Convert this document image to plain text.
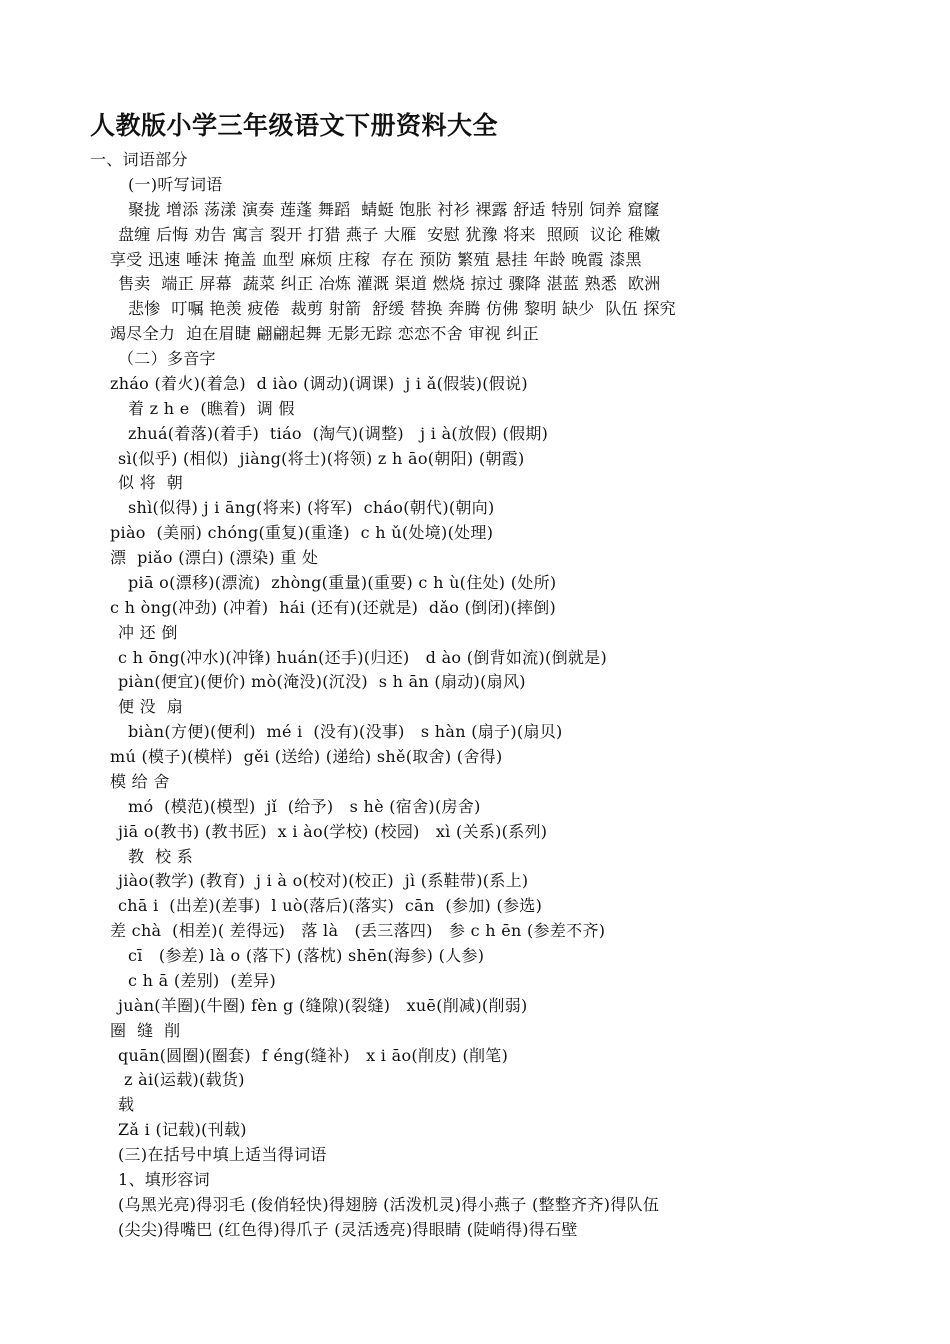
人教版小学三年级语文下册资料大全
一、词语部分
(一)听写词语
聚拢 增添 荡漾 演奏 莲蓬 舞蹈  蜻蜓 饱胀 衬衫 裸露 舒适 特别 饲养 窟窿
盘缠 后悔 劝告 寓言 裂开 打猎 燕子 大雁  安慰 犹豫 将来  照顾  议论 稚嫩
享受 迅速 唾沫 掩盖 血型 麻烦 庄稼  存在 预防 繁殖 悬挂 年龄 晚霞 漆黑
售卖  端正 屏幕  蔬菜 纠正 冶炼 灌溉 渠道 燃烧 掠过 骤降 湛蓝 熟悉  欧洲
悲惨  叮嘱 艳羡 疲倦  裁剪 射箭  舒缓 替换 奔腾 仿佛 黎明 缺少  队伍 探究
竭尽全力  迫在眉睫 翩翩起舞 无影无踪 恋恋不舍 审视 纠正
（二）多音字
zháo (着火)(着急)  d iào (调动)(调课)  j i ǎ(假装)(假说)
着 z h e  (瞧着)  调 假
zhuá(着落)(着手)  tiáo  (淘气)(调整)   j i à(放假) (假期)
sì(似乎) (相似)  jiàng(将士)(将领) z h āo(朝阳) (朝霞)
似 将  朝
shì(似得) j i āng(将来) (将军)  cháo(朝代)(朝向)
piào  (美丽) chóng(重复)(重逢)  c h ǔ(处境)(处理)
漂  piǎo (漂白) (漂染) 重 处
piā o(漂移)(漂流)  zhòng(重量)(重要) c h ù(住处) (处所)
c h òng(冲劲) (冲着)  hái (还有)(还就是)  dǎo (倒闭)(摔倒)
冲 还 倒
c h ōng(冲水)(冲锋) huán(还手)(归还)   d ào (倒背如流)(倒就是)
piàn(便宜)(便价) mò(淹没)(沉没)  s h ān (扇动)(扇风)
便 没  扇
biàn(方便)(便利)  mé i  (没有)(没事)   s hàn (扇子)(扇贝)
mú (模子)(模样)  gěi (送给) (递给) shě(取舍) (舍得)
模 给 舍
mó  (模范)(模型)  jǐ  (给予)   s hè (宿舍)(房舍)
jiā o(教书) (教书匠)  x i ào(学校) (校园)   xì (关系)(系列)
教  校 系
jiào(教学) (教育)  j i à o(校对)(校正)  jì (系鞋带)(系上)
chā i  (出差)(差事)  l uò(落后)(落实)  cān  (参加) (参选)
差 chà  (相差)( 差得远)   落 là   (丢三落四)   参 c h ēn (参差不齐)
cī   (参差) là o (落下) (落枕) shēn(海参) (人参)
c h ā (差别)  (差异)
juàn(羊圈)(牛圈) fèn g (缝隙)(裂缝)   xuē(削减)(削弱)
圈  缝  削
quān(圆圈)(圈套)  f éng(缝补)   x i āo(削皮) (削笔)
z ài(运载)(载货)
载
Zǎ i (记载)(刊载)
(三)在括号中填上适当得词语
1、填形容词
(乌黑光亮)得羽毛 (俊俏轻快)得翅膀 (活泼机灵)得小燕子 (整整齐齐)得队伍
(尖尖)得嘴巴 (红色得)得爪子 (灵活透亮)得眼睛 (陡峭得)得石壁
